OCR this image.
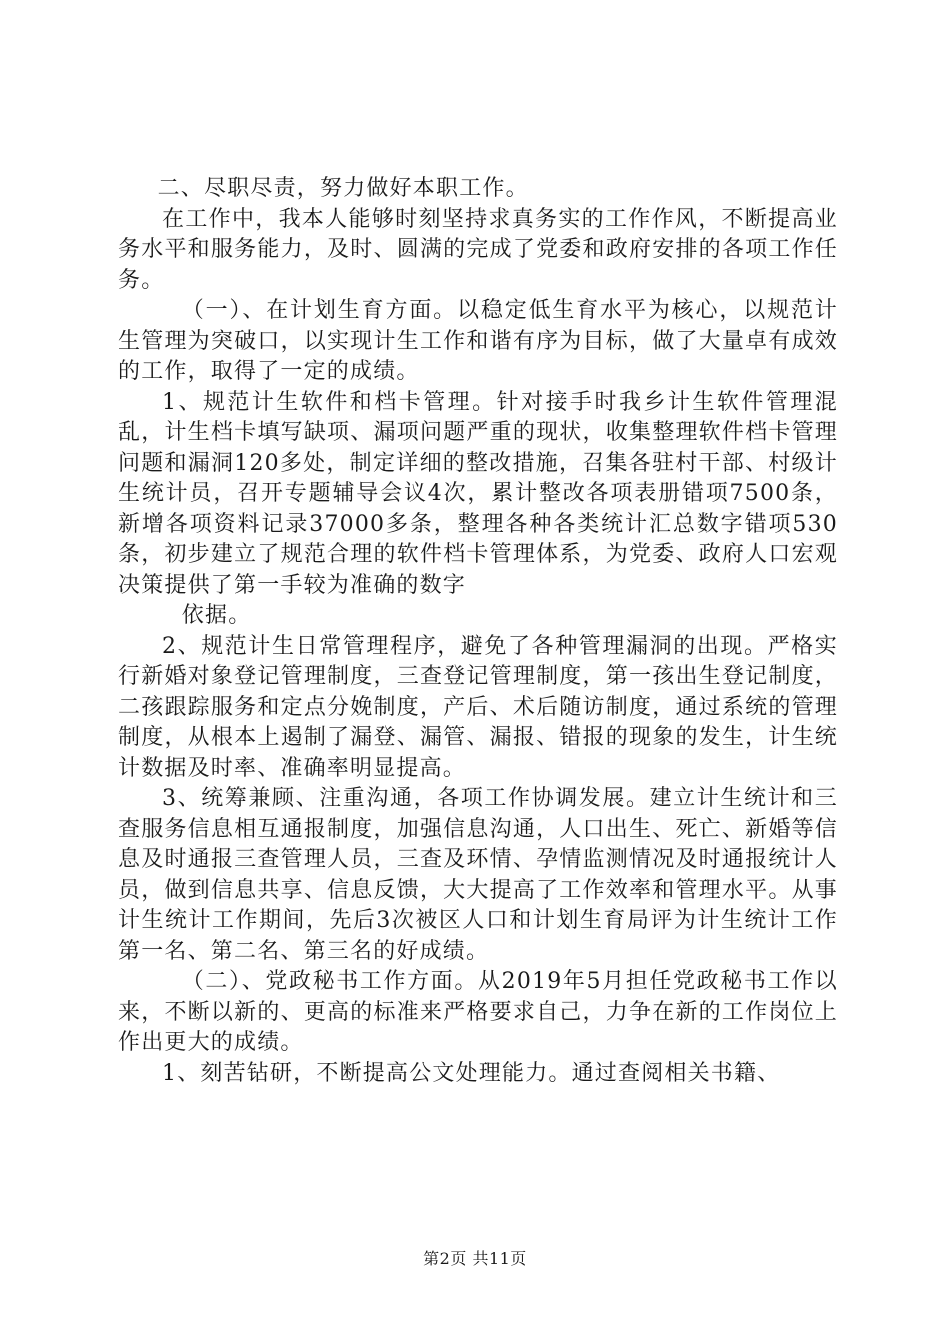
二、尽职尽责，努力做好本职工作。

在工作中，我本人能够时刻坚持求真务实的工作作风，不断提高业务水平和服务能力，及时、圆满的完成了党委和政府安排的各项工作任务。

（一）、在计划生育方面。以稳定低生育水平为核心，以规范计生管理为突破口，以实现计生工作和谐有序为目标，做了大量卓有成效的工作，取得了一定的成绩。

1、规范计生软件和档卡管理。针对接手时我乡计生软件管理混乱，计生档卡填写缺项、漏项问题严重的现状，收集整理软件档卡管理问题和漏洞120多处，制定详细的整改措施，召集各驻村干部、村级计生统计员，召开专题辅导会议4次，累计整改各项表册错项7500条，新增各项资料记录37000多条，整理各种各类统计汇总数字错项530条，初步建立了规范合理的软件档卡管理体系，为党委、政府人口宏观决策提供了第一手较为准确的数字

依据。

2、规范计生日常管理程序，避免了各种管理漏洞的出现。严格实行新婚对象登记管理制度，三查登记管理制度，第一孩出生登记制度，二孩跟踪服务和定点分娩制度，产后、术后随访制度，通过系统的管理制度，从根本上遏制了漏登、漏管、漏报、错报的现象的发生，计生统计数据及时率、准确率明显提高。

3、统筹兼顾、注重沟通，各项工作协调发展。建立计生统计和三查服务信息相互通报制度，加强信息沟通，人口出生、死亡、新婚等信息及时通报三查管理人员，三查及环情、孕情监测情况及时通报统计人员，做到信息共享、信息反馈，大大提高了工作效率和管理水平。从事计生统计工作期间，先后3次被区人口和计划生育局评为计生统计工作第一名、第二名、第三名的好成绩。

（二）、党政秘书工作方面。从2019年5月担任党政秘书工作以来，不断以新的、更高的标准来严格要求自己，力争在新的工作岗位上作出更大的成绩。

1、刻苦钻研，不断提高公文处理能力。通过查阅相关书籍、

第2页 共11页
